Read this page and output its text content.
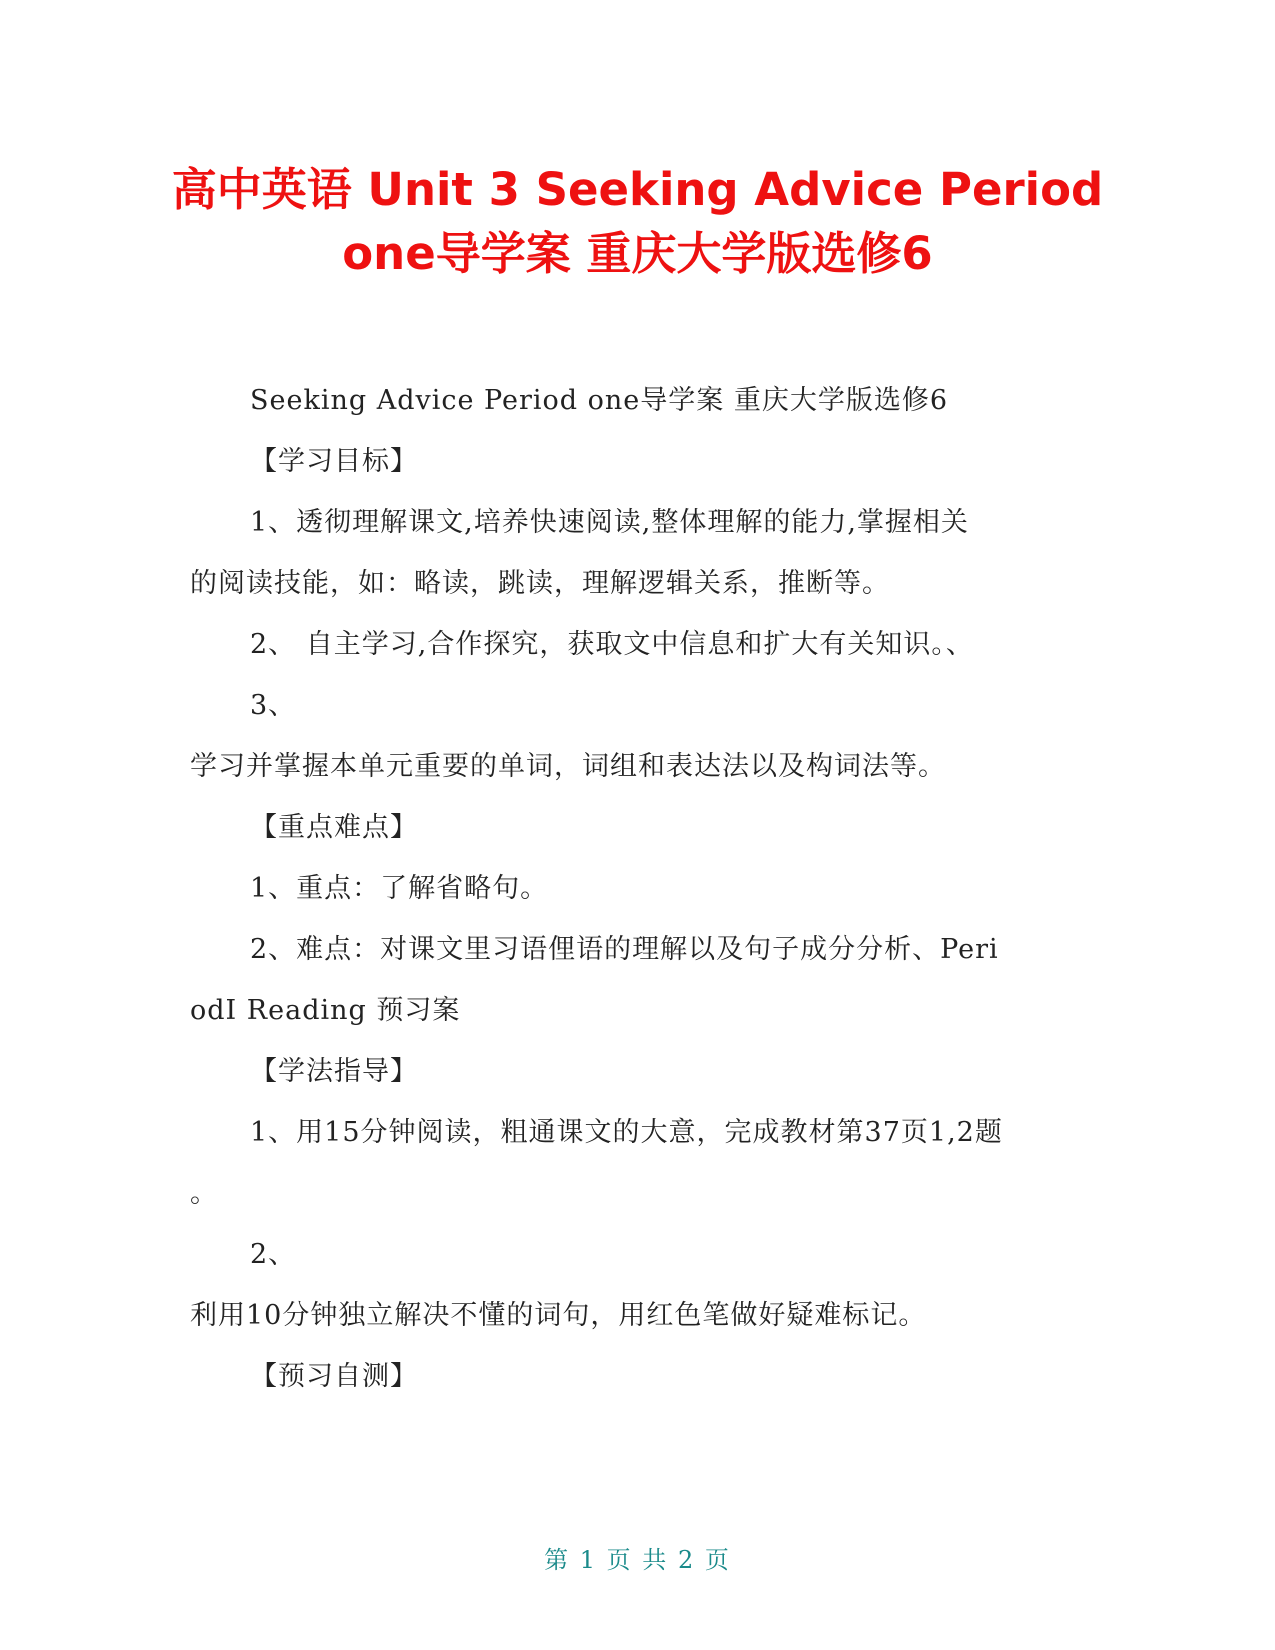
高中英语 Unit 3 Seeking Advice Period
one导学案 重庆大学版选修6
Seeking Advice Period one导学案 重庆大学版选修6
【学习目标】
1、透彻理解课文,培养快速阅读,整体理解的能力,掌握相关
的阅读技能，如：略读，跳读，理解逻辑关系，推断等。
2、 自主学习,合作探究，获取文中信息和扩大有关知识。、
3、
学习并掌握本单元重要的单词，词组和表达法以及构词法等。
【重点难点】
1、重点：了解省略句。
2、难点：对课文里习语俚语的理解以及句子成分分析、Peri
odⅠ Reading 预习案
【学法指导】
1、用15分钟阅读，粗通课文的大意，完成教材第37页1,2题
。
2、
利用10分钟独立解决不懂的词句，用红色笔做好疑难标记。
【预习自测】
第 1 页 共 2 页
